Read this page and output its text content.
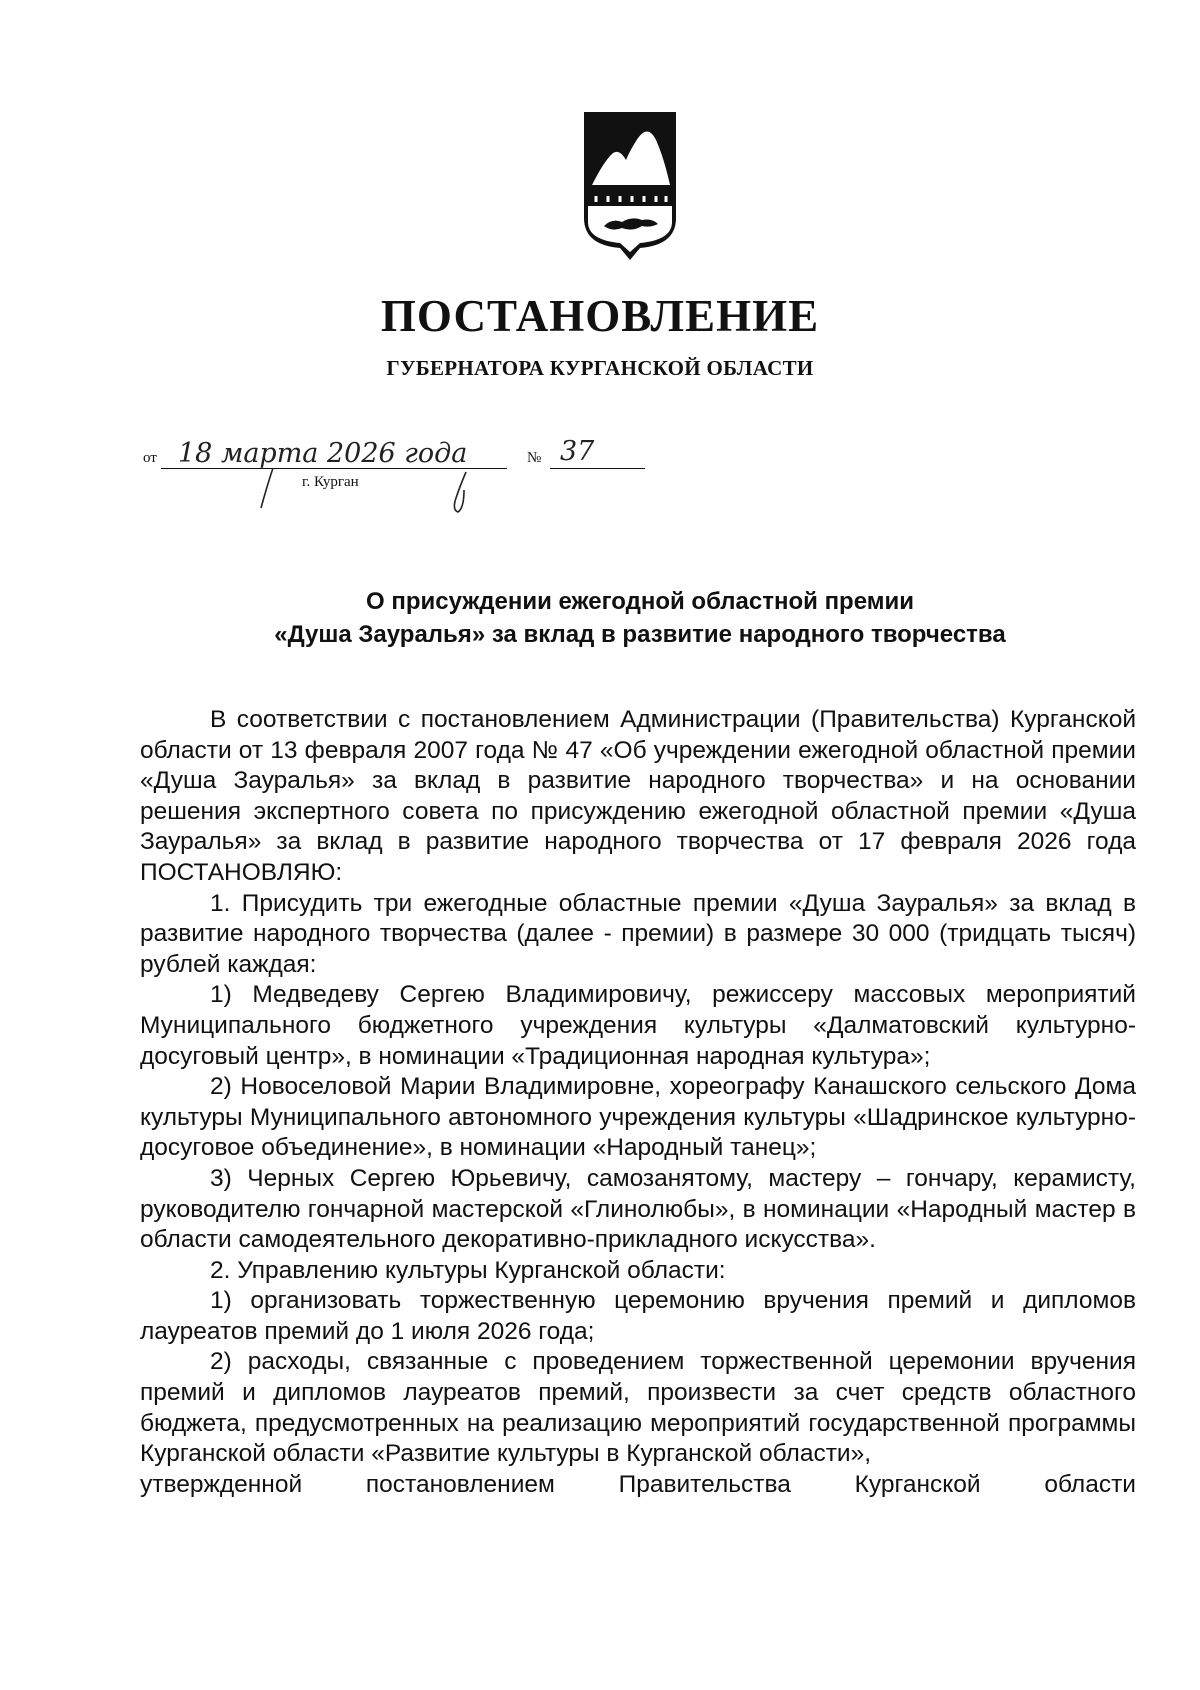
ПОСТАНОВЛЕНИЕ
ГУБЕРНАТОРА КУРГАНСКОЙ ОБЛАСТИ
от 18 марта 2026 года	№ 37
г. Курган
О присуждении ежегодной областной премии
«Душа Зауралья» за вклад в развитие народного творчества
В соответствии с постановлением Администрации (Правительства) Курганской области от 13 февраля 2007 года № 47 «Об учреждении ежегодной областной премии «Душа Зауралья» за вклад в развитие народного творчества» и на основании решения экспертного совета по присуждению ежегодной областной премии «Душа Зауралья» за вклад в развитие народного творчества от 17 февраля 2026 года ПОСТАНОВЛЯЮ:
1. Присудить три ежегодные областные премии «Душа Зауралья» за вклад в развитие народного творчества (далее - премии) в размере 30 000 (тридцать тысяч) рублей каждая:
1) Медведеву Сергею Владимировичу, режиссеру массовых мероприятий Муниципального бюджетного учреждения культуры «Далматовский культурно-досуговый центр», в номинации «Традиционная народная культура»;
2) Новоселовой Марии Владимировне, хореографу Канашского сельского Дома культуры Муниципального автономного учреждения культуры «Шадринское культурно-досуговое объединение», в номинации «Народный танец»;
3) Черных Сергею Юрьевичу, самозанятому, мастеру – гончару, керамисту, руководителю гончарной мастерской «Глинолюбы», в номинации «Народный мастер в области самодеятельного декоративно-прикладного искусства».
2. Управлению культуры Курганской области:
1) организовать торжественную церемонию вручения премий и дипломов лауреатов премий до 1 июля 2026 года;
2) расходы, связанные с проведением торжественной церемонии вручения премий и дипломов лауреатов премий, произвести за счет средств областного бюджета, предусмотренных на реализацию мероприятий государственной программы Курганской области «Развитие культуры в Курганской области»,
утвержденной постановлением Правительства Курганской области
